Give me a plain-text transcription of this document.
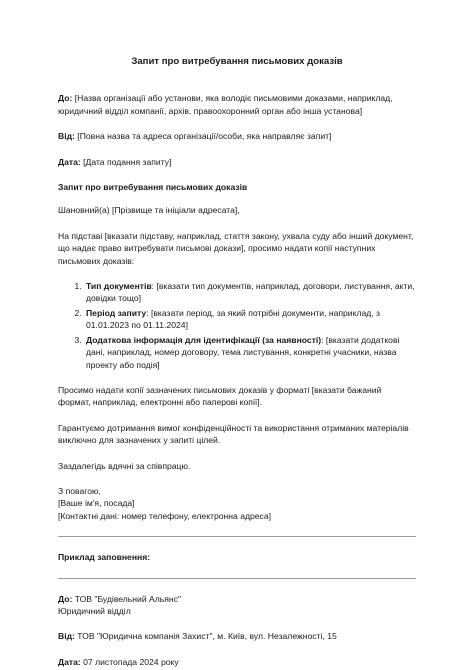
Запит про витребування письмових доказів

До: [Назва організації або установи, яка володіє письмовими доказами, наприклад, юридичний відділ компанії, архів, правоохоронний орган або інша установа]

Від: [Повна назва та адреса організації/особи, яка направляє запит]

Дата: [Дата подання запиту]

Запит про витребування письмових доказів

Шановний(а) [Прізвище та ініціали адресата],

На підставі [вказати підставу, наприклад, стаття закону, ухвала суду або інший документ, що надає право витребувати письмові докази], просимо надати копії наступних письмових доказів:

1. Тип документів: [вказати тип документів, наприклад, договори, листування, акти, довідки тощо]
2. Період запиту: [вказати період, за який потрібні документи, наприклад, з 01.01.2023 по 01.11.2024]
3. Додаткова інформація для ідентифікації (за наявності): [вказати додаткові дані, наприклад, номер договору, тема листування, конкретні учасники, назва проекту або подія]

Просимо надати копії зазначених письмових доказів у форматі [вказати бажаний формат, наприклад, електронні або паперові копії].

Гарантуємо дотримання вимог конфіденційності та використання отриманих матеріалів виключно для зазначених у запиті цілей.

Заздалегідь вдячні за співпрацю.

З повагою,

[Ваше ім'я, посада]

[Контактні дані: номер телефону, електронна адреса]

Приклад заповнення:

До: ТОВ "Будівельний Альянс"
Юридичний відділ

Від: ТОВ "Юридична компанія Захист", м. Київ, вул. Незалежності, 15

Дата: 07 листопада 2024 року
